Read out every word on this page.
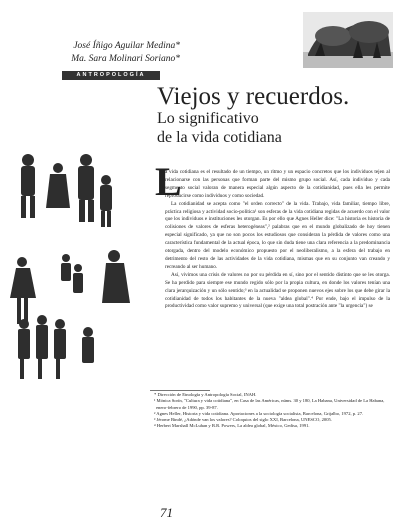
José Íñigo Aguilar Medina*
Ma. Sara Molinari Soriano*
ANTROPOLOGÍA
Viejos y recuerdos.
Lo significativo
de la vida cotidiana
L

a vida cotidiana es el resultado de un tiempo, un ritmo y un espacio concretos que los individuos tejen al relacionarse con las personas que forman parte del mismo grupo social. Así, cada individuo y cada segmento social valoran de manera especial algún aspecto de la cotidianidad, pues ella les permite reproducirse como individuos y como sociedad.

La cotidianidad se acepta como "el orden correcto" de la vida. Trabajo, vida familiar, tiempo libre, práctica religiosa y actividad socio-política¹ son esferas de la vida cotidiana regidas de acuerdo con el valor que los individuos e instituciones les otorgan. Es por ello que Agnes Heller dice: "La historia es historia de colisiones de valores de esferas heterogéneas",² palabras que en el mundo globalizado de hoy tienen especial significado, ya que no son pocos los estudiosos que consideran la pérdida de valores como una característica fundamental de la actual época, lo que sin duda tiene una clara referencia a la predominancia otorgada, dentro del modelo económico propuesto por el neoliberalismo, a la esfera del trabajo en detrimento del resto de las actividades de la vida cotidiana, mismas que en su conjunto van creando y recreando al ser humano.

Así, vivimos una crisis de valores no por su pérdida en sí, sino por el sentido distinto que se les otorga. Se ha perdido para siempre ese mundo regido sólo por la propia cultura, en donde los valores tenían una clara jerarquización y un sólo sentido;³ en la actualidad se proponen nuevos ejes sobre los que debe girar la cotidianidad de todos los habitantes de la nueva "aldea global".⁴ Por ende, bajo el impulso de la productividad como valor supremo y universal (que exige una total postración ante "la urgencia") se

* Dirección de Etnología y Antropología Social, INAH.
¹ Mónica Sorín, "Cultura y vida cotidiana", en Casa de las Américas, núms. 30 y 180, La Habana, Universidad de La Habana, enero-febrero de 1990, pp. 39-87.
² Agnes Heller, Historia y vida cotidiana. Aportaciones a la sociología socialista, Barcelona, Grijalbo, 1972, p. 27.
³ Jérome Bindé, ¿Adónde van los valores? Coloquios del siglo XXI, Barcelona, UNESCO, 2005.
⁴ Herbert Marshall McLuhan y B.R. Powers, La aldea global, México, Gedisa, 1991.
71
